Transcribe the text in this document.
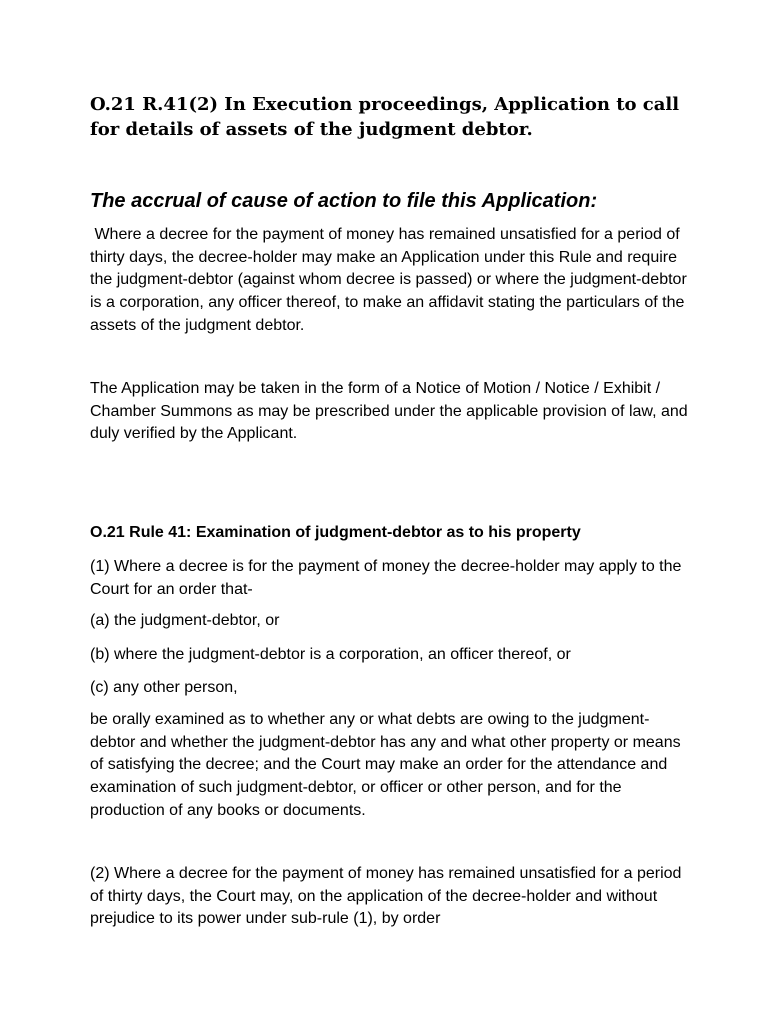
O.21 R.41(2) In Execution proceedings, Application to call for details of assets of the judgment debtor.
The accrual of cause of action to file this Application:

Where a decree for the payment of money has remained unsatisfied for a period of thirty days, the decree-holder may make an Application under this Rule and require the judgment-debtor (against whom decree is passed) or where the judgment-debtor is a corporation, any officer thereof, to make an affidavit stating the particulars of the assets of the judgment debtor.

The Application may be taken in the form of a Notice of Motion / Notice / Exhibit / Chamber Summons as may be prescribed under the applicable provision of law, and duly verified by the Applicant.

O.21 Rule 41: Examination of judgment-debtor as to his property

(1) Where a decree is for the payment of money the decree-holder may apply to the Court for an order that-

(a) the judgment-debtor, or

(b) where the judgment-debtor is a corporation, an officer thereof, or

(c) any other person,

be orally examined as to whether any or what debts are owing to the judgment- debtor and whether the judgment-debtor has any and what other property or means of satisfying the decree; and the Court may make an order for the attendance and examination of such judgment-debtor, or officer or other person, and for the production of any books or documents.

(2) Where a decree for the payment of money has remained unsatisfied for a period of thirty days, the Court may, on the application of the decree-holder and without prejudice to its power under sub-rule (1), by order
